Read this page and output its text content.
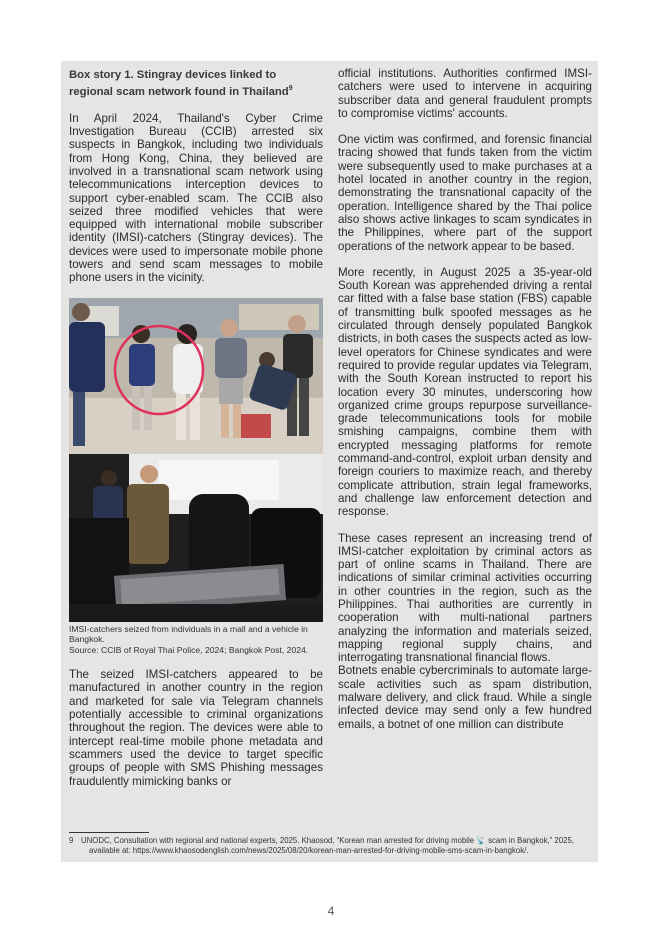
Box story 1. Stingray devices linked to regional scam network found in Thailand$^9$

In April 2024, Thailand's Cyber Crime Investigation Bureau (CCIB) arrested six suspects in Bangkok, including two individuals from Hong Kong, China, they believed are involved in a transnational scam network using telecommunications interception devices to support cyber-enabled scam. The CCIB also seized three modified vehicles that were equipped with international mobile subscriber identity (IMSI)-catchers (Stingray devices). The devices were used to impersonate mobile phone towers and send scam messages to mobile phone users in the vicinity.

IMSI-catchers seized from individuals in a mall and a vehicle in Bangkok.
Source: CCIB of Royal Thai Police, 2024; Bangkok Post, 2024.

The seized IMSI-catchers appeared to be manufactured in another country in the region and marketed for sale via Telegram channels potentially accessible to criminal organizations throughout the region. The devices were able to intercept real-time mobile phone metadata and scammers used the device to target specific groups of people with SMS Phishing messages fraudulently mimicking banks or

official institutions. Authorities confirmed IMSI-catchers were used to intervene in acquiring subscriber data and general fraudulent prompts to compromise victims' accounts.

One victim was confirmed, and forensic financial tracing showed that funds taken from the victim were subsequently used to make purchases at a hotel located in another country in the region, demonstrating the transnational capacity of the operation. Intelligence shared by the Thai police also shows active linkages to scam syndicates in the Philippines, where part of the support operations of the network appear to be based.

More recently, in August 2025 a 35-year-old South Korean was apprehended driving a rental car fitted with a false base station (FBS) capable of transmitting bulk spoofed messages as he circulated through densely populated Bangkok districts, in both cases the suspects acted as low-level operators for Chinese syndicates and were required to provide regular updates via Telegram, with the South Korean instructed to report his location every 30 minutes, underscoring how organized crime groups repurpose surveillance-grade telecommunications tools for mobile smishing campaigns, combine them with encrypted messaging platforms for remote command-and-control, exploit urban density and foreign couriers to maximize reach, and thereby complicate attribution, strain legal frameworks, and challenge law enforcement detection and response.

These cases represent an increasing trend of IMSI-catcher exploitation by criminal actors as part of online scams in Thailand. There are indications of similar criminal activities occurring in other countries in the region, such as the Philippines. Thai authorities are currently in cooperation with multi-national partners analyzing the information and materials seized, mapping regional supply chains, and interrogating transnational financial flows.

Botnets enable cybercriminals to automate large-scale activities such as spam distribution, malware delivery, and click fraud. While a single infected device may send only a few hundred emails, a botnet of one million can distribute

9 UNODC, Consultation with regional and national experts, 2025. Khaosod, “Korean man arrested for driving mobile 📡 scam in Bangkok,” 2025,
available at: https://www.khaosodenglish.com/news/2025/08/20/korean-man-arrested-for-driving-mobile-sms-scam-in-bangkok/.
4
